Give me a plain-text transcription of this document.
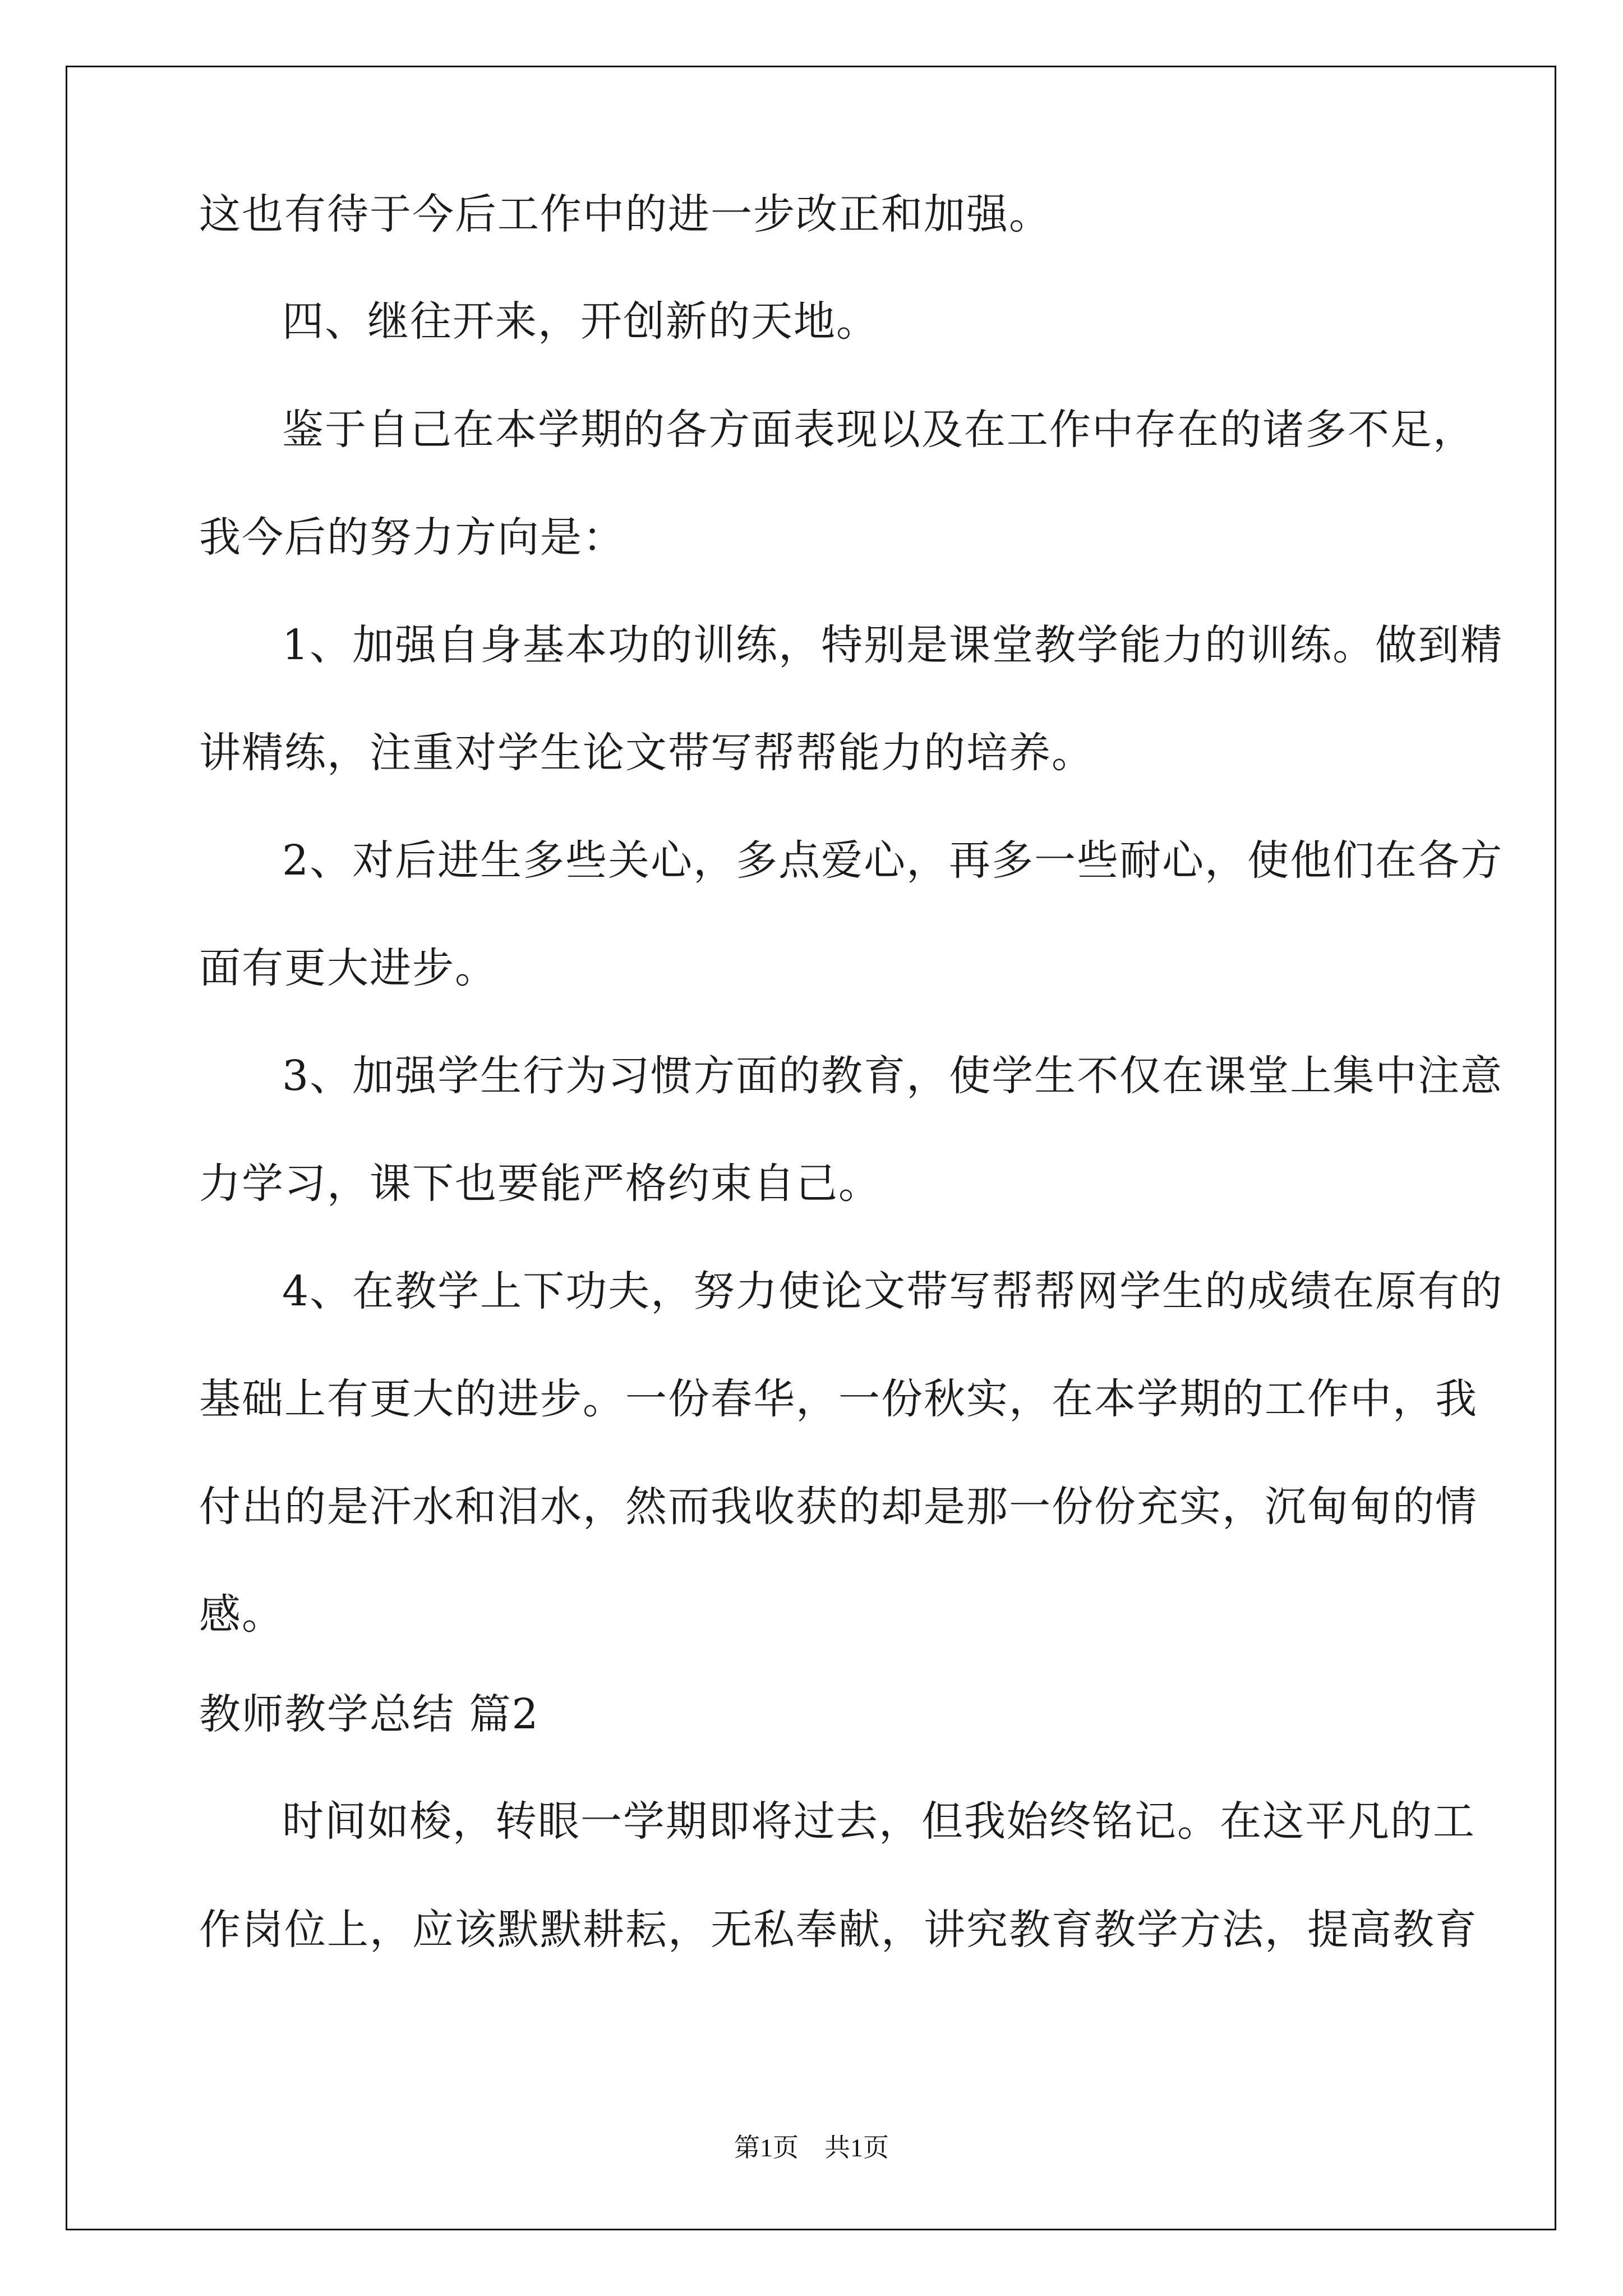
这也有待于今后工作中的进一步改正和加强。
四、继往开来，开创新的天地。
鉴于自己在本学期的各方面表现以及在工作中存在的诸多不足，
我今后的努力方向是：
1、加强自身基本功的训练，特别是课堂教学能力的训练。做到精
讲精练，注重对学生论文带写帮帮能力的培养。
2、对后进生多些关心，多点爱心，再多一些耐心，使他们在各方
面有更大进步。
3、加强学生行为习惯方面的教育，使学生不仅在课堂上集中注意
力学习，课下也要能严格约束自己。
4、在教学上下功夫，努力使论文带写帮帮网学生的成绩在原有的
基础上有更大的进步。一份春华，一份秋实，在本学期的工作中，我
付出的是汗水和泪水，然而我收获的却是那一份份充实，沉甸甸的情
感。
教师教学总结 篇2
时间如梭，转眼一学期即将过去，但我始终铭记。在这平凡的工
作岗位上，应该默默耕耘，无私奉献，讲究教育教学方法，提高教育
第1页　共1页
